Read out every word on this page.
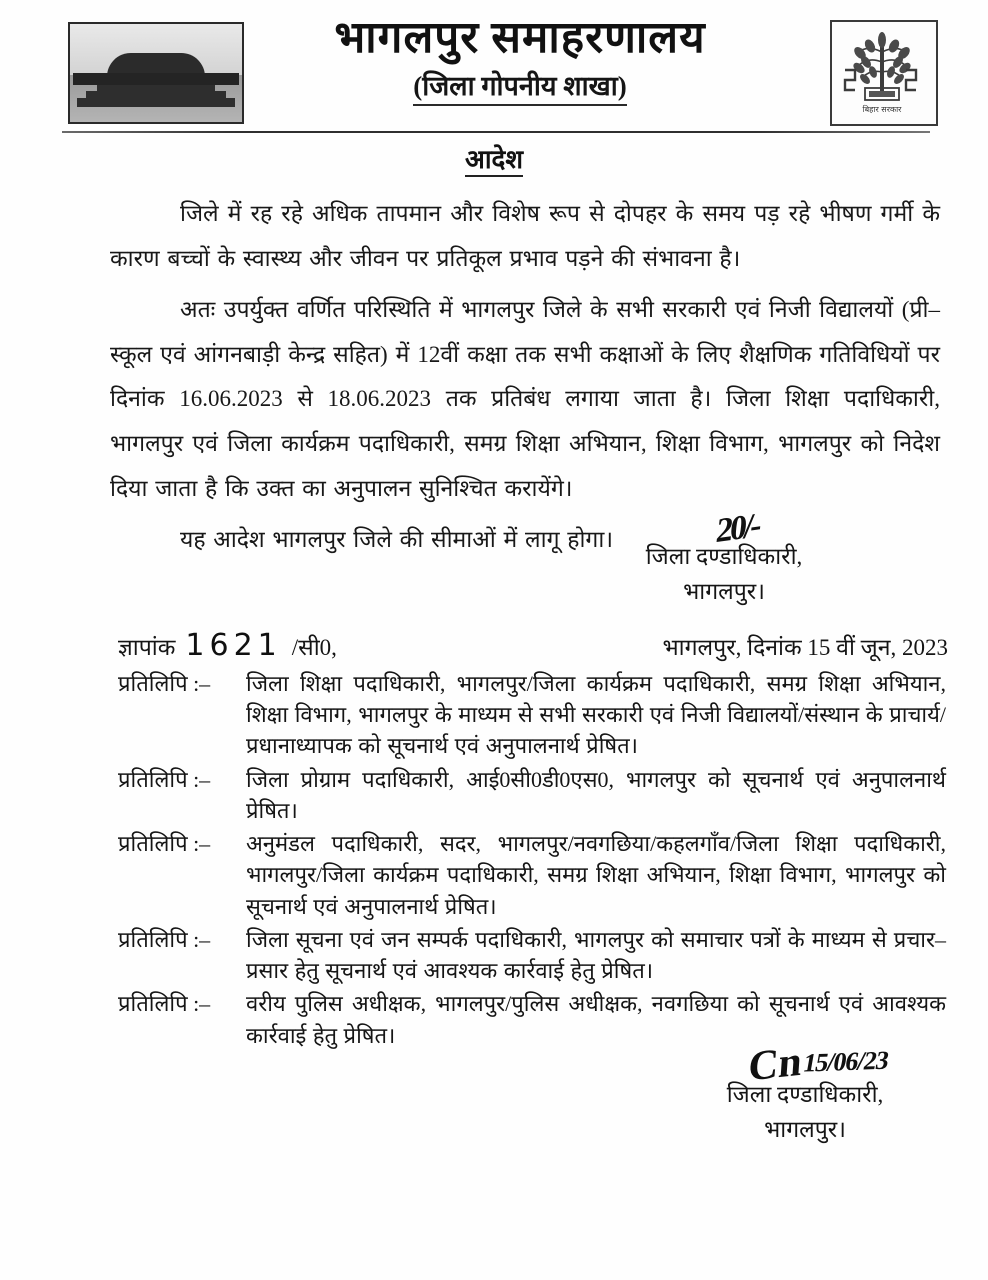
भागलपुर समाहरणालय
(जिला गोपनीय शाखा)
बिहार सरकार
आदेश

जिले में रह रहे अधिक तापमान और विशेष रूप से दोपहर के समय पड़ रहे भीषण गर्मी के कारण बच्चों के स्वास्थ्य और जीवन पर प्रतिकूल प्रभाव पड़ने की संभावना है।

अतः उपर्युक्त वर्णित परिस्थिति में भागलपुर जिले के सभी सरकारी एवं निजी विद्यालयों (प्री–स्कूल एवं आंगनबाड़ी केन्द्र सहित) में 12वीं कक्षा तक सभी कक्षाओं के लिए शैक्षणिक गतिविधियों पर दिनांक 16.06.2023 से 18.06.2023 तक प्रतिबंध लगाया जाता है। जिला शिक्षा पदाधिकारी, भागलपुर एवं जिला कार्यक्रम पदाधिकारी, समग्र शिक्षा अभियान, शिक्षा विभाग, भागलपुर को निदेश दिया जाता है कि उक्त का अनुपालन सुनिश्चित करायेंगे।

यह आदेश भागलपुर जिले की सीमाओं में लागू होगा।	20/-
जिला दण्डाधिकारी,
भागलपुर।
ज्ञापांक 1621 /सी0,	भागलपुर, दिनांक 15 वीं जून, 2023
प्रतिलिपि :–	जिला शिक्षा पदाधिकारी, भागलपुर/जिला कार्यक्रम पदाधिकारी, समग्र शिक्षा अभियान, शिक्षा विभाग, भागलपुर के माध्यम से सभी सरकारी एवं निजी विद्यालयों/संस्थान के प्राचार्य/प्रधानाध्यापक को सूचनार्थ एवं अनुपालनार्थ प्रेषित।
प्रतिलिपि :–	जिला प्रोग्राम पदाधिकारी, आई0सी0डी0एस0, भागलपुर को सूचनार्थ एवं अनुपालनार्थ प्रेषित।
प्रतिलिपि :–	अनुमंडल पदाधिकारी, सदर, भागलपुर/नवगछिया/कहलगाँव/जिला शिक्षा पदाधिकारी, भागलपुर/जिला कार्यक्रम पदाधिकारी, समग्र शिक्षा अभियान, शिक्षा विभाग, भागलपुर को सूचनार्थ एवं अनुपालनार्थ प्रेषित।
प्रतिलिपि :–	जिला सूचना एवं जन सम्पर्क पदाधिकारी, भागलपुर को समाचार पत्रों के माध्यम से प्रचार–प्रसार हेतु सूचनार्थ एवं आवश्यक कार्रवाई हेतु प्रेषित।
प्रतिलिपि :–	वरीय पुलिस अधीक्षक, भागलपुर/पुलिस अधीक्षक, नवगछिया को सूचनार्थ एवं आवश्यक कार्रवाई हेतु प्रेषित।
Cn 15/06/23
जिला दण्डाधिकारी,
भागलपुर।
